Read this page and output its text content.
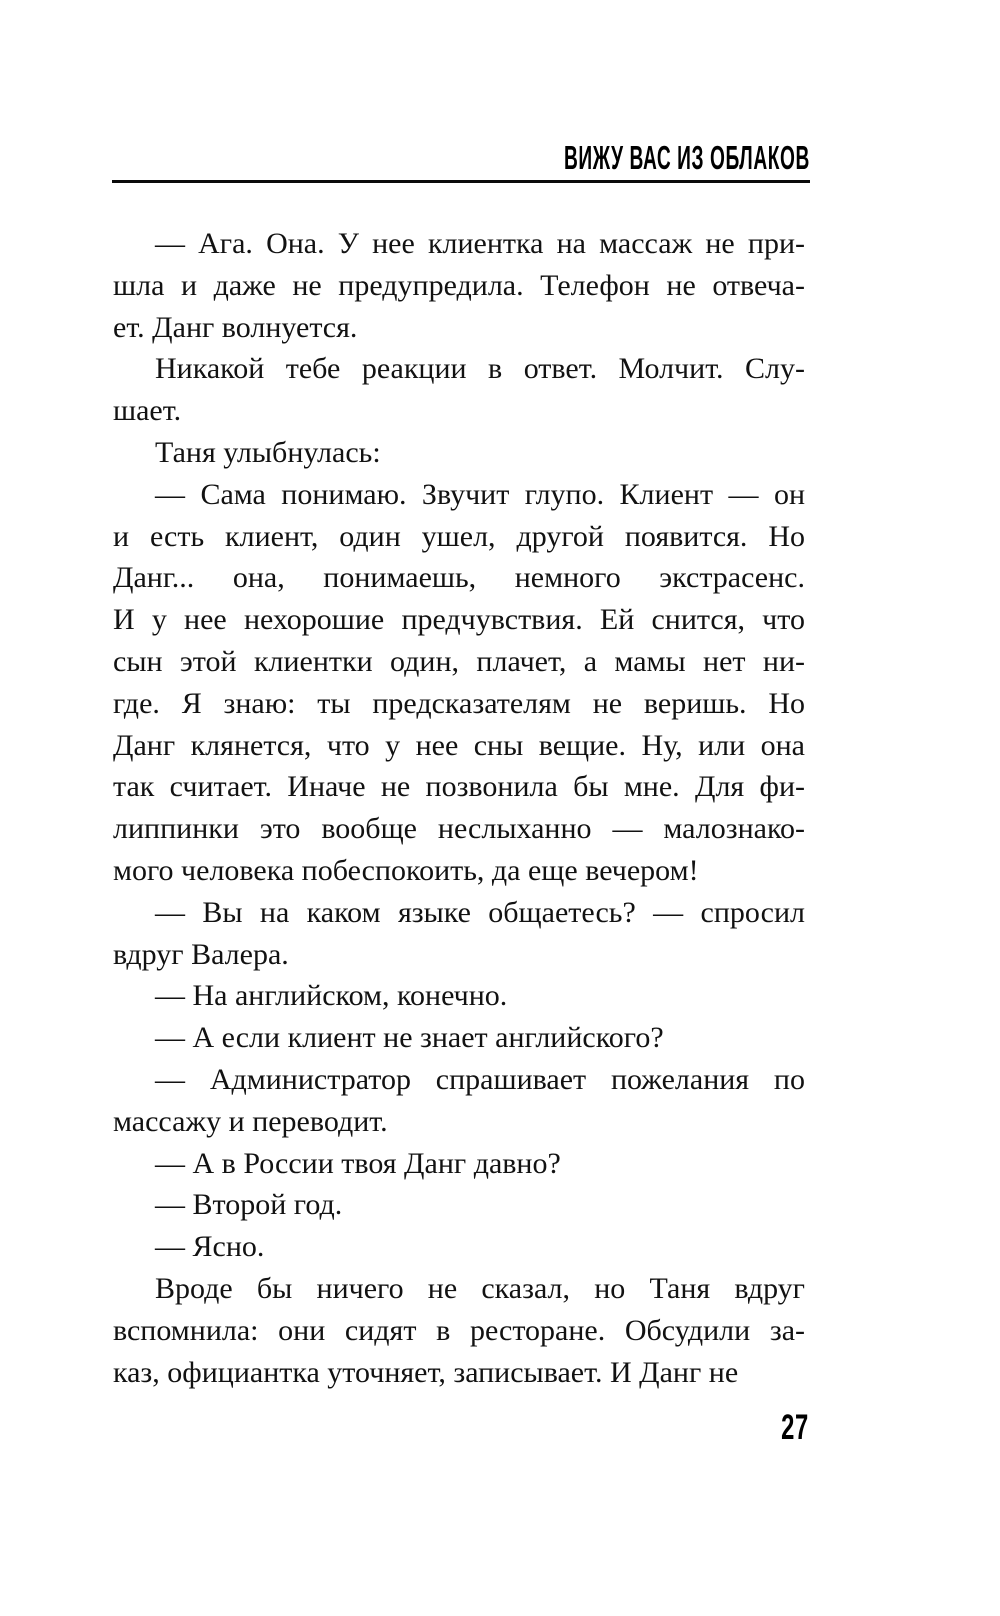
ВИЖУ ВАС ИЗ ОБЛАКОВ
— Ага. Она. У нее клиентка на массаж не при-
шла и даже не предупредила. Телефон не отвеча-
ет. Данг волнуется.
Никакой тебе реакции в ответ. Молчит. Слу-
шает.
Таня улыбнулась:
— Сама понимаю. Звучит глупо. Клиент — он
и есть клиент, один ушел, другой появится. Но
Данг... она, понимаешь, немного экстрасенс.
И у нее нехорошие предчувствия. Ей снится, что
сын этой клиентки один, плачет, а мамы нет ни-
где. Я знаю: ты предсказателям не веришь. Но
Данг клянется, что у нее сны вещие. Ну, или она
так считает. Иначе не позвонила бы мне. Для фи-
липпинки это вообще неслыханно — малознако-
мого человека побеспокоить, да еще вечером!
— Вы на каком языке общаетесь? — спросил
вдруг Валера.
— На английском, конечно.
— А если клиент не знает английского?
— Администратор спрашивает пожелания по
массажу и переводит.
— А в России твоя Данг давно?
— Второй год.
— Ясно.
Вроде бы ничего не сказал, но Таня вдруг
вспомнила: они сидят в ресторане. Обсудили за-
каз, официантка уточняет, записывает. И Данг не
27
